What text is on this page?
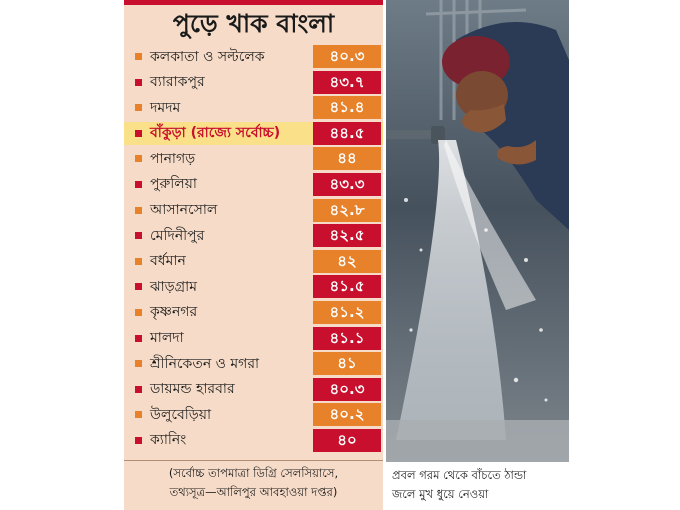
পুড়ে খাক বাংলা
কলকাতা ও সল্টলেক	৪০.৩
ব্যারাকপুর	৪৩.৭
দমদম	৪১.৪
বাঁকুড়া (রাজ্যে সর্বোচ্চ)	৪৪.৫
পানাগড়	৪৪
পুরুলিয়া	৪৩.৩
আসানসোল	৪২.৮
মেদিনীপুর	৪২.৫
বর্ধমান	৪২
ঝাড়গ্রাম	৪১.৫
কৃষ্ণনগর	৪১.২
মালদা	৪১.১
শ্রীনিকেতন ও মগরা	৪১
ডায়মন্ড হারবার	৪০.৩
উলুবেড়িয়া	৪০.২
ক্যানিং	৪০
(সর্বোচ্চ তাপমাত্রা ডিগ্রি সেলসিয়াসে,
তথ্যসূত্র—আলিপুর আবহাওয়া দপ্তর)
প্রবল গরম থেকে বাঁচতে ঠান্ডা
জলে মুখ ধুয়ে নেওয়া
